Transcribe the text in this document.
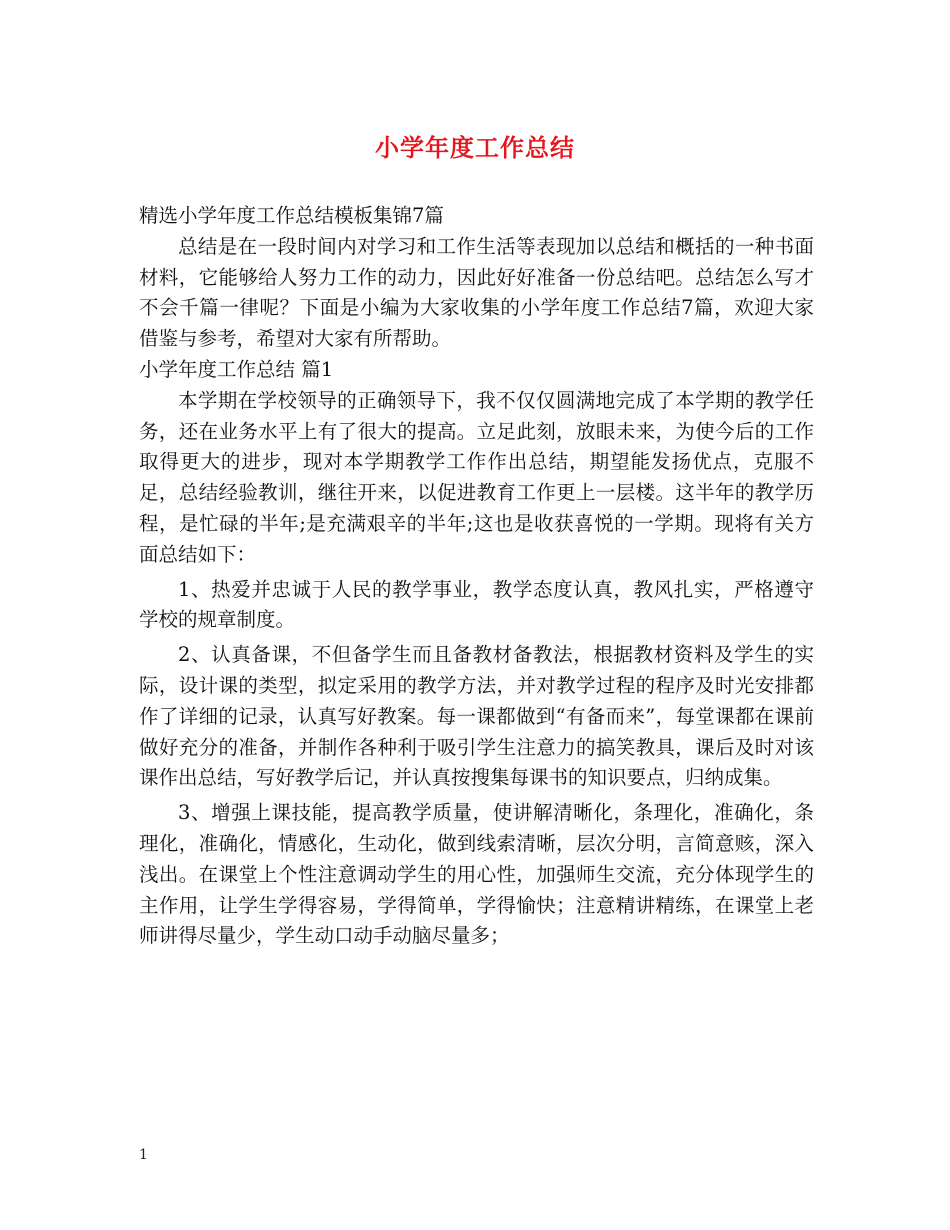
小学年度工作总结

精选小学年度工作总结模板集锦7篇

总结是在一段时间内对学习和工作生活等表现加以总结和概括的一种书面材料，它能够给人努力工作的动力，因此好好准备一份总结吧。总结怎么写才不会千篇一律呢？下面是小编为大家收集的小学年度工作总结7篇，欢迎大家借鉴与参考，希望对大家有所帮助。

小学年度工作总结 篇1

本学期在学校领导的正确领导下，我不仅仅圆满地完成了本学期的教学任务，还在业务水平上有了很大的提高。立足此刻，放眼未来，为使今后的工作取得更大的进步，现对本学期教学工作作出总结，期望能发扬优点，克服不足，总结经验教训，继往开来，以促进教育工作更上一层楼。这半年的教学历程，是忙碌的半年;是充满艰辛的半年;这也是收获喜悦的一学期。现将有关方面总结如下：

1、热爱并忠诚于人民的教学事业，教学态度认真，教风扎实，严格遵守学校的规章制度。

2、认真备课，不但备学生而且备教材备教法，根据教材资料及学生的实际，设计课的类型，拟定采用的教学方法，并对教学过程的程序及时光安排都作了详细的记录，认真写好教案。每一课都做到“有备而来”，每堂课都在课前做好充分的准备，并制作各种利于吸引学生注意力的搞笑教具，课后及时对该课作出总结，写好教学后记，并认真按搜集每课书的知识要点，归纳成集。

3、增强上课技能，提高教学质量，使讲解清晰化，条理化，准确化，条理化，准确化，情感化，生动化，做到线索清晰，层次分明，言简意赅，深入浅出。在课堂上个性注意调动学生的用心性，加强师生交流，充分体现学生的主作用，让学生学得容易，学得简单，学得愉快；注意精讲精练，在课堂上老师讲得尽量少，学生动口动手动脑尽量多；

1
